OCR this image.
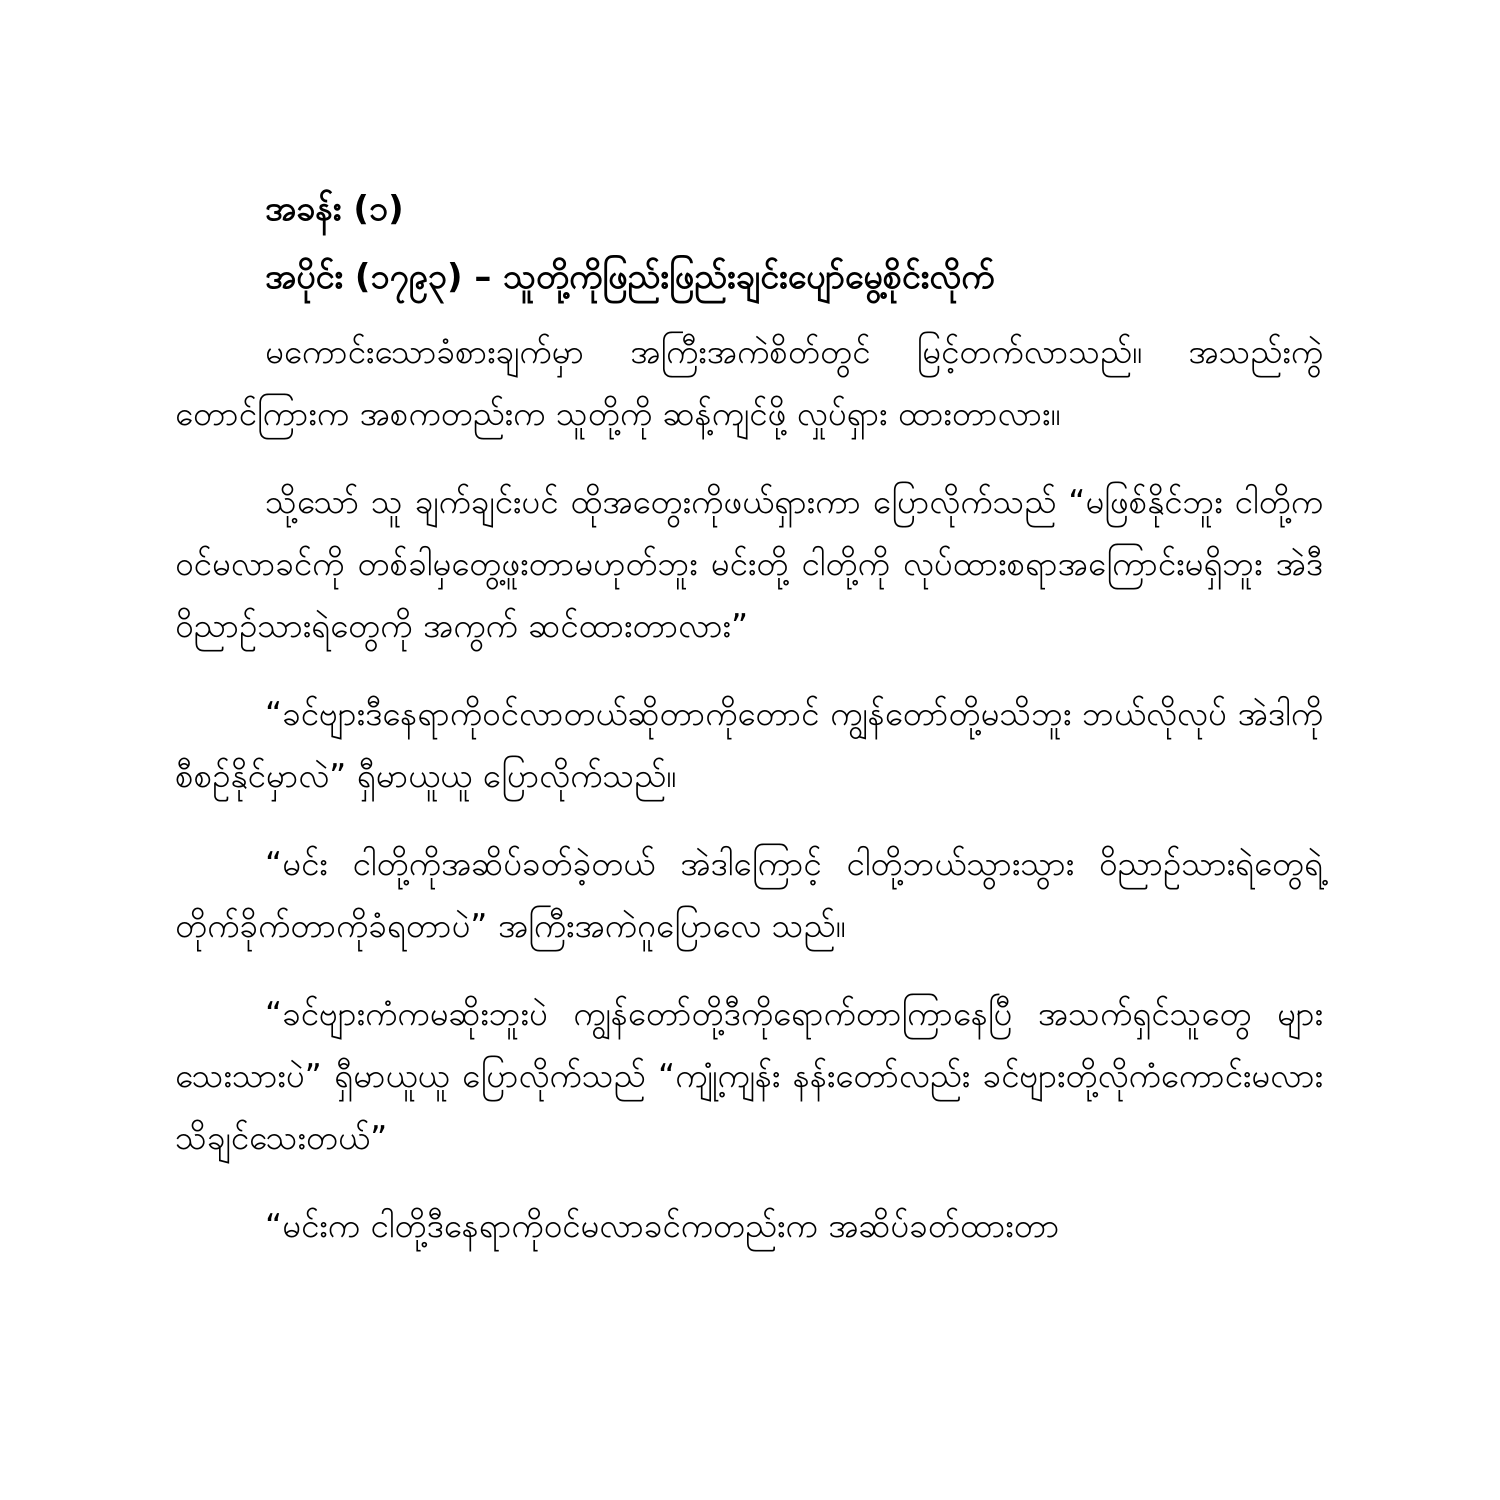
အခန်း (၁)
အပိုင်း (၁၇၉၃) – သူတို့ကိုဖြည်းဖြည်းချင်းပျော်မွေ့စိုင်းလိုက်

မကောင်းသောခံစားချက်မှာ အကြီးအကဲစိတ်တွင် မြင့်တက်လာသည်။ အသည်းကွဲတောင်ကြားက အစကတည်းက သူတို့ကို ဆန့်ကျင်ဖို့ လှုပ်ရှား ထားတာလား။

သို့သော် သူ ချက်ချင်းပင် ထိုအတွေးကိုဖယ်ရှားကာ ပြောလိုက်သည် “မဖြစ်နိုင်ဘူး ငါတို့က ဝင်မလာခင်ကို တစ်ခါမှတွေ့ဖူးတာမဟုတ်ဘူး မင်းတို့ ငါတို့ကို လုပ်ထားစရာအကြောင်းမရှိဘူး အဲဒီဝိညာဉ်သားရဲတွေကို အကွက် ဆင်ထားတာလား”

“ခင်ဗျားဒီနေရာကိုဝင်လာတယ်ဆိုတာကိုတောင် ကျွန်တော်တို့မသိဘူး ဘယ်လိုလုပ် အဲဒါကိုစီစဉ်နိုင်မှာလဲ” ရှီမာယူယူ ပြောလိုက်သည်။

“မင်း ငါတို့ကိုအဆိပ်ခတ်ခဲ့တယ် အဲဒါကြောင့် ငါတို့ဘယ်သွားသွား ဝိညာဉ်သားရဲတွေရဲ့ တိုက်ခိုက်တာကိုခံရတာပဲ” အကြီးအကဲဂူပြောလေ သည်။

“ခင်ဗျားကံကမဆိုးဘူးပဲ ကျွန်တော်တို့ဒီကိုရောက်တာကြာနေပြီ အသက်ရှင်သူတွေ များသေးသားပဲ” ရှီမာယူယူ ပြောလိုက်သည် “ကျုံ့ကျန်း နန်းတော်လည်း ခင်ဗျားတို့လိုကံကောင်းမလားသိချင်သေးတယ်”

“မင်းက ငါတို့ဒီနေရာကိုဝင်မလာခင်ကတည်းက အဆိပ်ခတ်ထားတာ
